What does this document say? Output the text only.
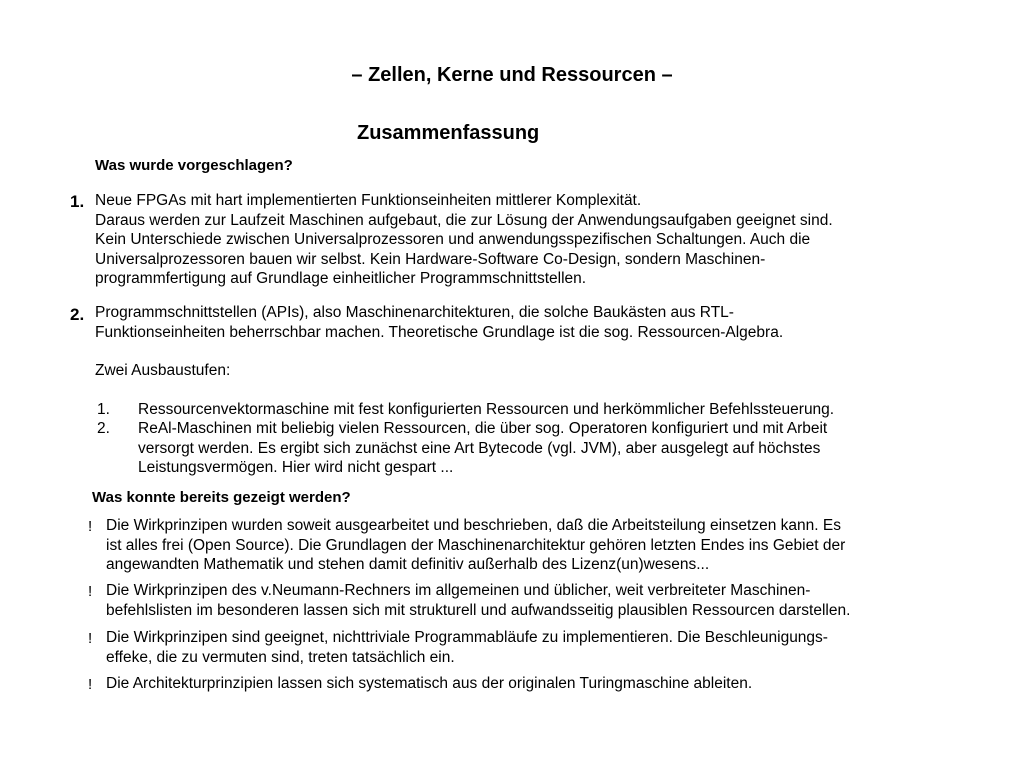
– Zellen, Kerne und Ressourcen –
Zusammenfassung
Was wurde vorgeschlagen?
1. Neue FPGAs mit hart implementierten Funktionseinheiten mittlerer Komplexität.
Daraus werden zur Laufzeit Maschinen aufgebaut, die zur Lösung der Anwendungsaufgaben geeignet sind.
Kein Unterschiede zwischen Universalprozessoren und anwendungsspezifischen Schaltungen. Auch die
Universalprozessoren bauen wir selbst. Kein Hardware-Software Co-Design, sondern Maschinen-
programmfertigung auf Grundlage einheitlicher Programmschnittstellen.
2. Programmschnittstellen (APIs), also Maschinenarchitekturen, die solche Baukästen aus RTL-
Funktionseinheiten beherrschbar machen. Theoretische Grundlage ist die sog. Ressourcen-Algebra.
Zwei Ausbaustufen:
1. Ressourcenvektormaschine mit fest konfigurierten Ressourcen und herkömmlicher Befehlssteuerung.
2. ReAl-Maschinen mit beliebig vielen Ressourcen, die über sog. Operatoren konfiguriert und mit Arbeit
versorgt werden. Es ergibt sich zunächst eine Art Bytecode (vgl. JVM), aber ausgelegt auf höchstes
Leistungsvermögen. Hier wird nicht gespart ...
Was konnte bereits gezeigt werden?
! Die Wirkprinzipen wurden soweit ausgearbeitet und beschrieben, daß die Arbeitsteilung einsetzen kann. Es
ist alles frei (Open Source). Die Grundlagen der Maschinenarchitektur gehören letzten Endes ins Gebiet der
angewandten Mathematik und stehen damit definitiv außerhalb des Lizenz(un)wesens...
! Die Wirkprinzipen des v.Neumann-Rechners im allgemeinen und üblicher, weit verbreiteter Maschinen-
befehlslisten im besonderen lassen sich mit strukturell und aufwandsseitig plausiblen Ressourcen darstellen.
! Die Wirkprinzipen sind geeignet, nichttriviale Programmabläufe zu implementieren. Die Beschleunigungs-
effeke, die zu vermuten sind, treten tatsächlich ein.
! Die Architekturprinzipien lassen sich systematisch aus der originalen Turingmaschine ableiten.
